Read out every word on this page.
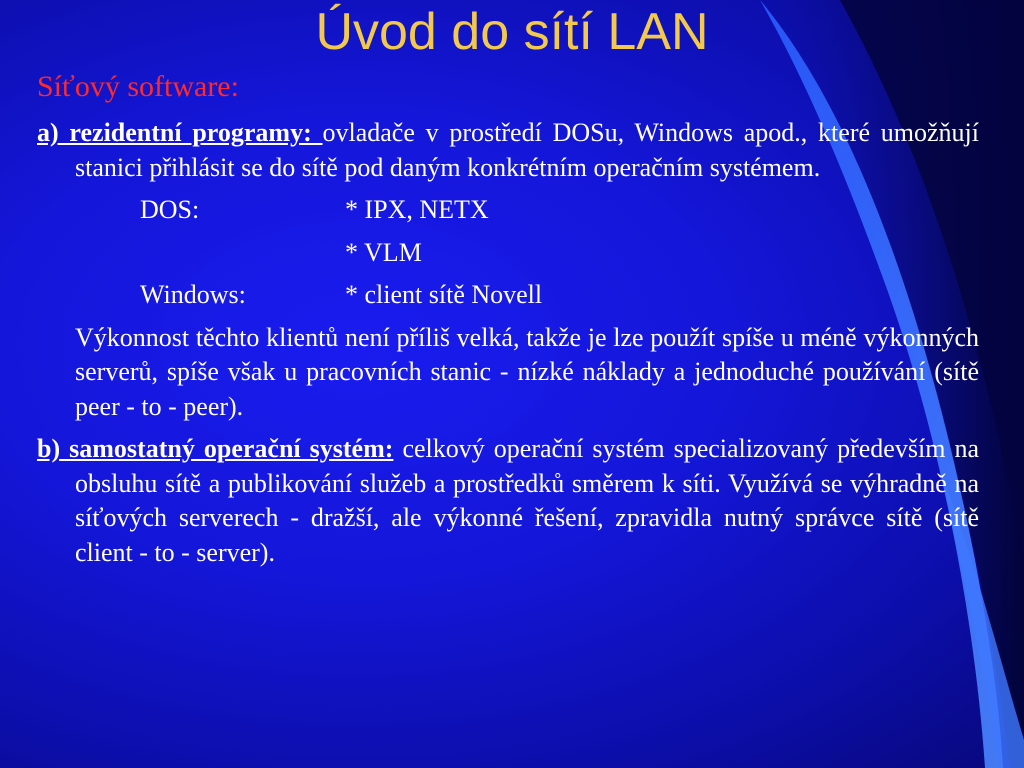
Úvod do sítí LAN
Síťový software:

a) rezidentní programy: ovladače v prostředí DOSu, Windows apod., které umožňují stanici přihlásit se do sítě pod daným konkrétním operačním systémem.

DOS:	* IPX, NETX
* VLM
Windows:	* client sítě Novell

Výkonnost těchto klientů není příliš velká, takže je lze použít spíše u méně výkonných serverů, spíše však u pracovních stanic - nízké náklady a jednoduché používání (sítě peer - to - peer).

b) samostatný operační systém: celkový operační systém specializovaný především na obsluhu sítě a publikování služeb a prostředků směrem k síti. Využívá se výhradně na síťových serverech - dražší, ale výkonné řešení, zpravidla nutný správce sítě (sítě client - to - server).
